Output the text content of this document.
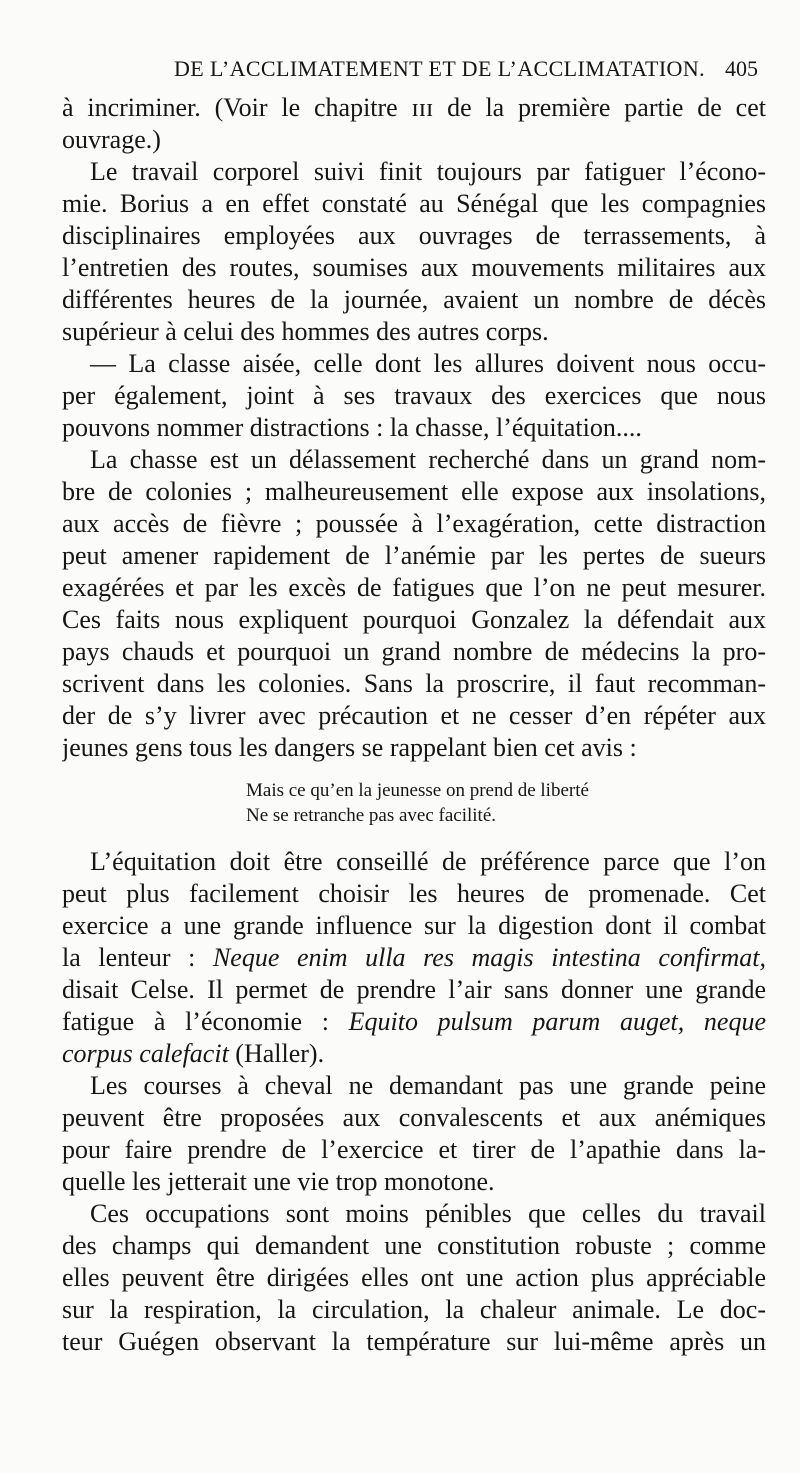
DE L’ACCLIMATEMENT ET DE L’ACCLIMATATION. 405
à incriminer. (Voir le chapitre ɪɪɪ de la première partie de cet
ouvrage.)
Le travail corporel suivi finit toujours par fatiguer l’écono-
mie. Borius a en effet constaté au Sénégal que les compagnies
disciplinaires employées aux ouvrages de terrassements, à
l’entretien des routes, soumises aux mouvements militaires aux
différentes heures de la journée, avaient un nombre de décès
supérieur à celui des hommes des autres corps.
— La classe aisée, celle dont les allures doivent nous occu-
per également, joint à ses travaux des exercices que nous
pouvons nommer distractions : la chasse, l’équitation....
La chasse est un délassement recherché dans un grand nom-
bre de colonies ; malheureusement elle expose aux insolations,
aux accès de fièvre ; poussée à l’exagération, cette distraction
peut amener rapidement de l’anémie par les pertes de sueurs
exagérées et par les excès de fatigues que l’on ne peut mesurer.
Ces faits nous expliquent pourquoi Gonzalez la défendait aux
pays chauds et pourquoi un grand nombre de médecins la pro-
scrivent dans les colonies. Sans la proscrire, il faut recomman-
der de s’y livrer avec précaution et ne cesser d’en répéter aux
jeunes gens tous les dangers se rappelant bien cet avis :
Mais ce qu’en la jeunesse on prend de liberté
Ne se retranche pas avec facilité.
L’équitation doit être conseillé de préférence parce que l’on
peut plus facilement choisir les heures de promenade. Cet
exercice a une grande influence sur la digestion dont il combat
la lenteur : Neque enim ulla res magis intestina confirmat,
disait Celse. Il permet de prendre l’air sans donner une grande
fatigue à l’économie : Equito pulsum parum auget, neque
corpus calefacit (Haller).
Les courses à cheval ne demandant pas une grande peine
peuvent être proposées aux convalescents et aux anémiques
pour faire prendre de l’exercice et tirer de l’apathie dans la-
quelle les jetterait une vie trop monotone.
Ces occupations sont moins pénibles que celles du travail
des champs qui demandent une constitution robuste ; comme
elles peuvent être dirigées elles ont une action plus appréciable
sur la respiration, la circulation, la chaleur animale. Le doc-
teur Guégen observant la température sur lui-même après un
